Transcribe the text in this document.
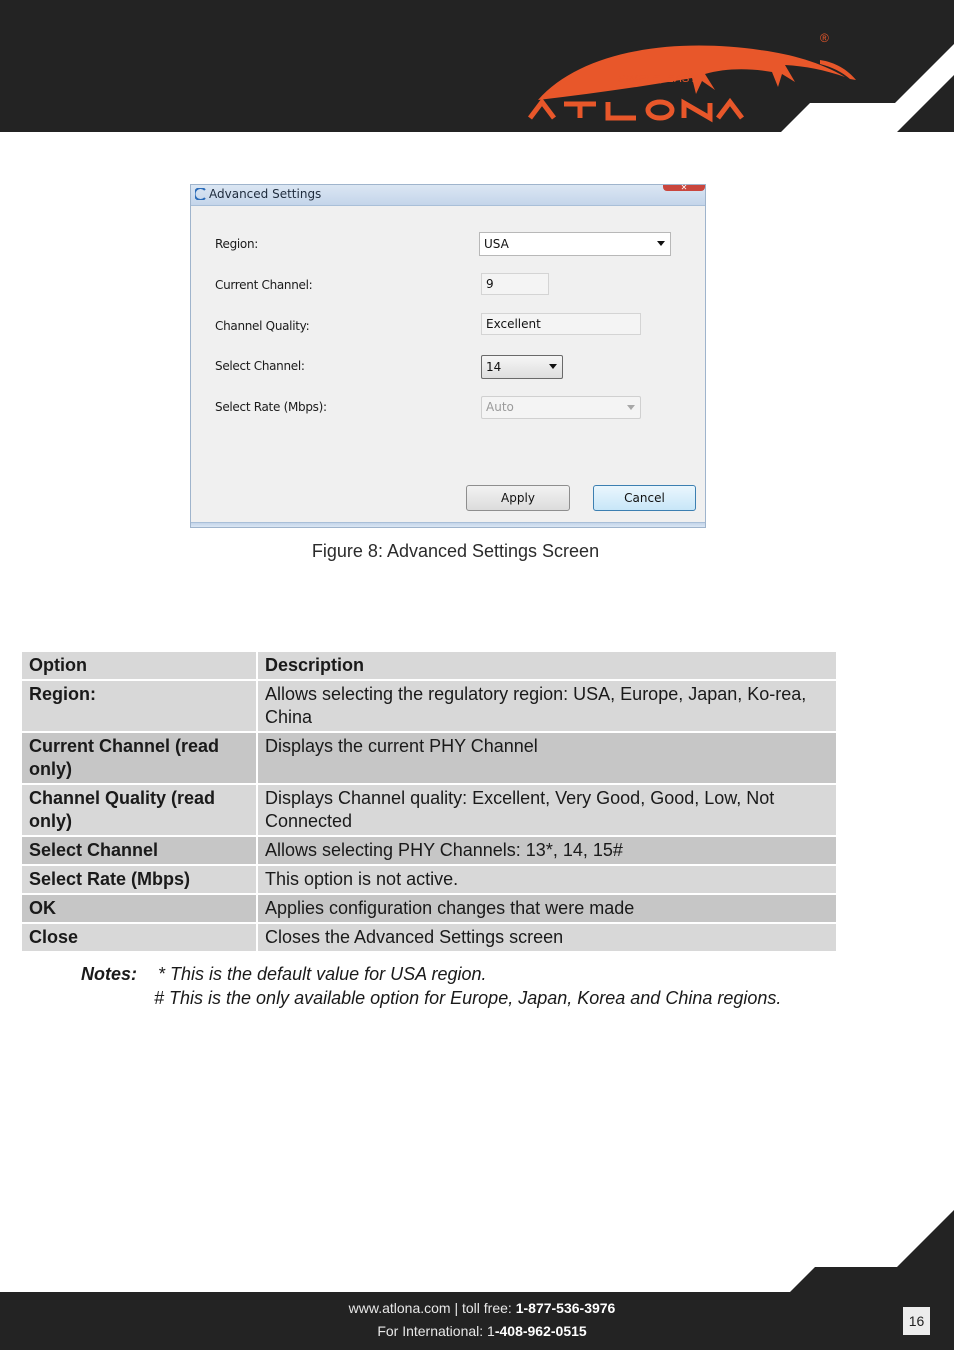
SIMPLE, EASY
®
Advanced Settings	✕
Region:	USA
Current Channel:	9
Channel Quality:	Excellent
Select Channel:	14
Select Rate (Mbps):	Auto
Apply	Cancel
Figure 8: Advanced Settings Screen
Option	Description
Region:	Allows selecting the regulatory region: USA, Europe, Japan, Ko-rea, China
Current Channel (read only)	Displays the current PHY Channel
Channel Quality (read only)	Displays Channel quality: Excellent, Very Good, Good, Low, Not Connected
Select Channel	Allows selecting PHY Channels: 13*, 14, 15#
Select Rate (Mbps)	This option is not active.
OK	Applies configuration changes that were made
Close	Closes the Advanced Settings screen
Notes: * This is the default value for USA region.
# This is the only available option for Europe, Japan, Korea and China regions.
www.atlona.com | toll free: 1-877-536-3976
For International: 1-408-962-0515
16
